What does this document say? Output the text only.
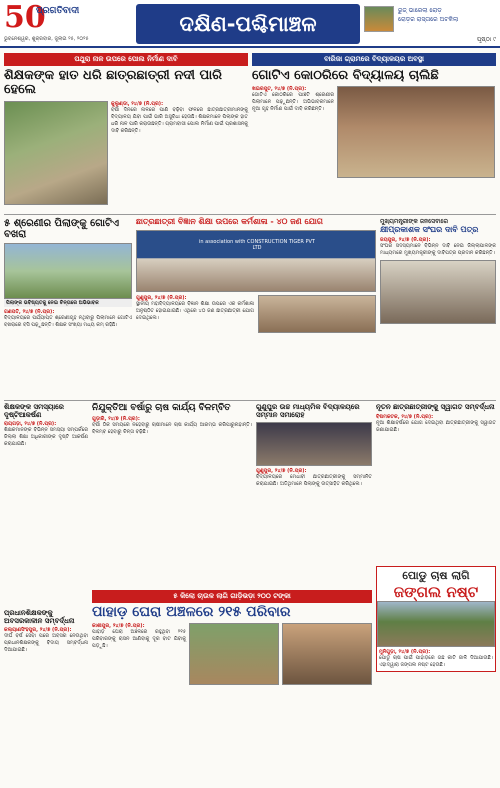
50
ପ୍ରଗତିବାଦୀ
ଭୁବନେଶ୍ୱର, ଶୁକ୍ରବାର, ଜୁଲାଇ ୨୫, ୨୦୨୫
ଦକ୍ଷିଣ-ପଶ୍ଚିମାଞ୍ଚଳ
ରୁଜ୍ ଭାରେଲା ରୋଡ଼
ରୋଡ଼ର ରାସ୍ତାରେ ଅଟକିଲା
ପୃଷ୍ଠା ୯
ପଥୁରା ନାଳ ଉପରେ ପୋଲ ନିର୍ମାଣ ଦାବି
ଶିକ୍ଷକଙ୍କ ହାତ ଧରି ଛାତ୍ରଛାତ୍ରୀ ନଦୀ ପାରି ହେଲେ
କୁଲୁଣ୍ଡା, ୨୪/୭ (ନି.ପ୍ର):
ବର୍ଷା ଦିନରେ ନାଳରେ ପାଣି ବଢ଼ିବା ଫଳରେ ଛାତ୍ରଛାତ୍ରୀମାନଙ୍କୁ ବିଦ୍ୟାଳୟ ଯିବା ପାଇଁ ଭାରି ଅସୁବିଧା ହେଉଛି। ଶିକ୍ଷକମାନେ ପିଲାଙ୍କ ହାତ ଧରି ନାଳ ପାରି କରାଉଛନ୍ତି। ଗ୍ରାମବାସୀ ପୋଲ ନିର୍ମାଣ ପାଇଁ ପ୍ରଶାସନକୁ ଦାବି କରିଛନ୍ତି।
ବାରିଜା ଗ୍ରାମରେ ବିଦ୍ୟାଳୟର ଅବସ୍ଥା
ଗୋଟିଏ କୋଠରିରେ ବିଦ୍ୟାଳୟ ଚାଲିଛି
ଖଇରପୁଟ, ୨୪/୭ (ନି.ପ୍ର):
ଗୋଟିଏ କୋଠରିରେ ପାଞ୍ଚଟି ଶ୍ରେଣୀର ପିଲାମାନେ ପଢ଼ୁଛନ୍ତି। ଅଭିଭାବକମାନେ ନୂଆ ଗୃହ ନିର୍ମାଣ ପାଇଁ ଦାବି କରିଛନ୍ତି।
୫ ଶ୍ରେଣୀର ପିଲାଙ୍କୁ ଗୋଟିଏ ବଖରା
ପିଲାଙ୍କ ଭବିଷ୍ୟତକୁ ନେଇ ଚିନ୍ତାରେ ଅଭିଭାବକ
ଗଣପତି, ୨୪/୭ (ନି.ପ୍ର):
ବିଦ୍ୟାଳୟରେ ପର୍ଯ୍ୟାପ୍ତ ଶ୍ରେଣୀଗୃହ ନଥିବାରୁ ପିଲାମାନେ ଗୋଟିଏ ବଖରାରେ ବସି ପଢ଼ୁଛନ୍ତି। ଶିକ୍ଷକ ସଂଖ୍ୟା ମଧ୍ୟ କମ୍ ରହିଛି।
ଛାତ୍ରଛାତ୍ରୀ ବିଜ୍ଞାନ ଶିକ୍ଷା ଉପରେ କର୍ମଶାଳା - ୪୦ ଜଣ ଯୋଗ
in association with CONSTRUCTION TIGER PVT LTD
ଗୁଣୁପୁର, ୨୪/୭ (ନି.ପ୍ର):
ସ୍ଥାନୀୟ ମହାବିଦ୍ୟାଳୟରେ ବିଜ୍ଞାନ ଶିକ୍ଷା ଉପରେ ଏକ କର୍ମଶାଳା ଅନୁଷ୍ଠିତ ହୋଇଯାଇଛି। ଏଥିରେ ୪୦ ଜଣ ଛାତ୍ରଛାତ୍ରୀ ଯୋଗ ଦେଇଥିଲେ।
ମୁଖ୍ୟମନ୍ତ୍ରୀଙ୍କ ଜନସେବାରେ
କ୍ଷୀପ୍ରକାଶକ ସଂଘର ଦାବି ପତ୍ର
ଜୟପୁର, ୨୪/୭ (ନି.ପ୍ର):
ସଂଘର ସଦସ୍ୟମାନେ ବିଭିନ୍ନ ଦାବି ନେଇ ଜିଲ୍ଲାପାଳଙ୍କ ମାଧ୍ୟମରେ ମୁଖ୍ୟମନ୍ତ୍ରୀଙ୍କୁ ଦାବିପତ୍ର ପ୍ରଦାନ କରିଛନ୍ତି।
ଶିକ୍ଷକଙ୍କ ସମସ୍ୟାରେ ଦୃଷ୍ଟିଆକର୍ଷଣ
ରାୟଗଡ଼ା, ୨୪/୭ (ନି.ପ୍ର):
ଶିକ୍ଷକମାନଙ୍କ ବିଭିନ୍ନ ସମସ୍ୟା ସମ୍ପର୍କରେ ଜିଲ୍ଲା ଶିକ୍ଷା ଅଧିକାରୀଙ୍କ ଦୃଷ୍ଟି ଆକର୍ଷଣ କରାଯାଇଛି।
ନିଯୁକ୍ତିଆ ବର୍ଷାରୁ ଚାଷ କାର୍ଯ୍ୟ ବିଳମ୍ବିତ
ଗୁଡ଼ାରି, ୨୪/୭ (ନି.ପ୍ର):
ବର୍ଷା ଠିକ ସମୟରେ ନହେବାରୁ ଚାଷୀମାନେ ଚାଷ କାର୍ଯ୍ୟ ଆରମ୍ଭ କରିପାରୁନାହାନ୍ତି। ବିଳମ୍ବ ହେବାରୁ ଚିନ୍ତା ବଢ଼ିଛି।
ଗୁଣୁପୁର ଉଚ୍ଚ ମାଧ୍ୟମିକ ବିଦ୍ୟାଳୟରେ ସମ୍ମାନ ସମାରୋହ
ଗୁଣୁପୁର, ୨୪/୭ (ନି.ପ୍ର):
ବିଦ୍ୟାଳୟରେ ମେଧାବୀ ଛାତ୍ରଛାତ୍ରୀଙ୍କୁ ସମ୍ମାନିତ କରାଯାଇଛି। ଅତିଥିମାନେ ପିଲାଙ୍କୁ ଉତ୍ସାହିତ କରିଥିଲେ।
ନୂତନ ଛାତ୍ରଛାତ୍ରୀଙ୍କୁ ସ୍ୱାଗତ ସମ୍ବର୍ଦ୍ଧନା
ବିଷମକଟକ, ୨୪/୭ (ନି.ପ୍ର):
ନୂଆ ଶିକ୍ଷାବର୍ଷରେ ଯୋଗ ଦେଇଥିବା ଛାତ୍ରଛାତ୍ରୀଙ୍କୁ ସ୍ୱାଗତ ଜଣାଯାଇଛି।
ପୋଡୁ ଚାଷ ଲାଗି
ଜଙ୍ଗଲ ନଷ୍ଟ
ମୁନିଗୁଡ଼ା, ୨୪/୭ (ନି.ପ୍ର):
ପୋଡୁ ଚାଷ ପାଇଁ ପାହାଡ଼ରେ ଗଛ କାଟି ଜାଳି ଦିଆଯାଉଛି। ଏହାଦ୍ୱାରା ଜଙ୍ଗଲ ନଷ୍ଟ ହେଉଛି।
ପ୍ରଧାନଶିକ୍ଷକଙ୍କୁ ଅବସରକାଳୀନ ସମ୍ବର୍ଦ୍ଧନା
କଲ୍ୟାଣସିଂହପୁର, ୨୪/୭ (ନି.ପ୍ର):
ଦୀର୍ଘ ବର୍ଷ ସେବା ପରେ ଅବସର ନେଉଥିବା ପ୍ରଧାନଶିକ୍ଷକଙ୍କୁ ବିଦାୟ ସମ୍ବର୍ଦ୍ଧନା ଦିଆଯାଇଛି।
୫ କିଲୋ ଚାଉଳ ଲାଗି ଗାଡ଼ିଭଡ଼ା ୨୦୦ ଟଙ୍କା
ପାହାଡ଼ ଘେରା ଅଞ୍ଚଳରେ ୨୧୫ ପରିବାର
କାଶୀପୁର, ୨୪/୭ (ନି.ପ୍ର):
ପାହାଡ଼ ଘେରା ଅଞ୍ଚଳରେ ରହୁଥିବା ୨୧୫ ପରିବାରଙ୍କୁ ରାସନ ଆଣିବାକୁ ଦୂର ବାଟ ଯିବାକୁ ପଡ଼ୁଛି।
